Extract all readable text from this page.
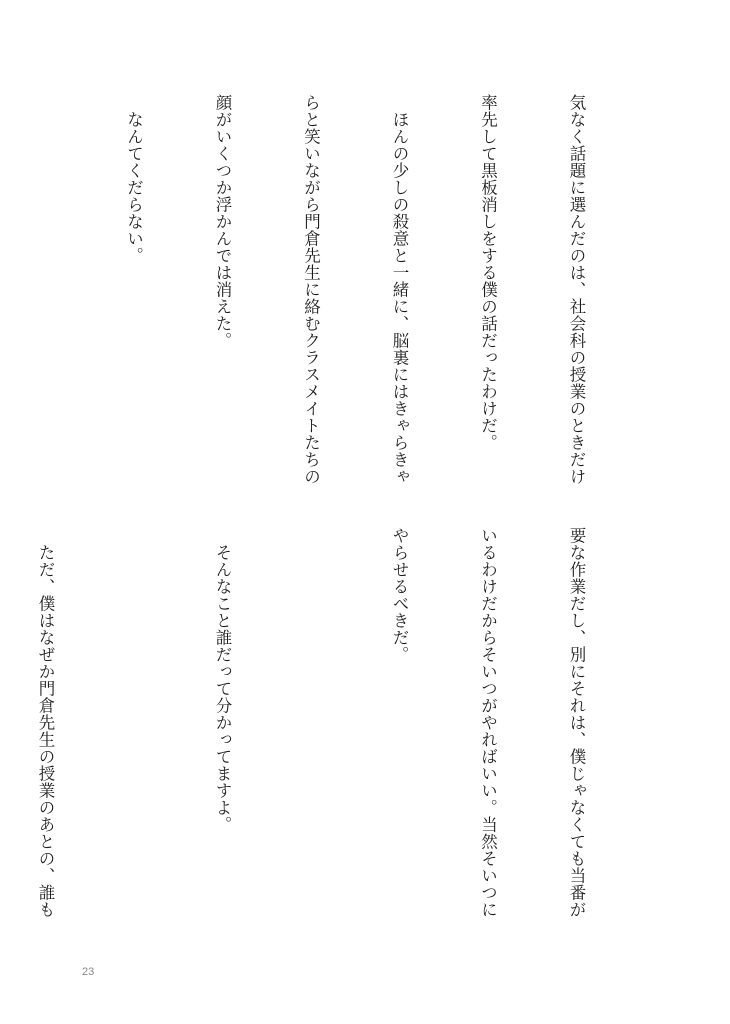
気なく話題に選んだのは、社会科の授業のときだけ

率先して黒板消しをする僕の話だったわけだ。

　ほんの少しの殺意と一緒に、脳裏にはきゃらきゃ

らと笑いながら門倉先生に絡むクラスメイトたちの

顔がいくつか浮かんでは消えた。

　なんてくだらない。

要な作業だし、別にそれは、僕じゃなくても当番が

いるわけだからそいつがやればいい。当然そいつに

やらせるべきだ。

　そんなこと誰だって分かってますよ。

　ただ、僕はなぜか門倉先生の授業のあとの、誰も

23
